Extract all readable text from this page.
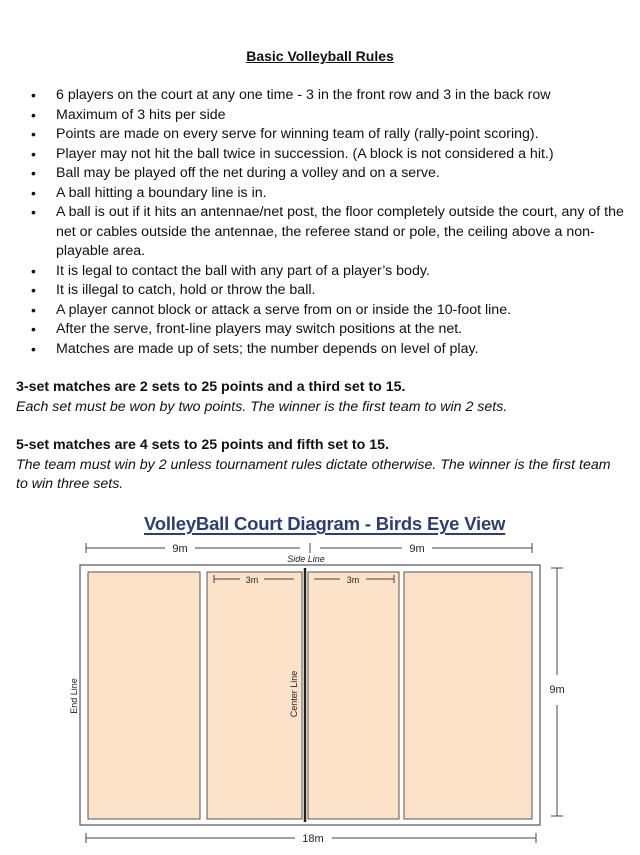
Basic Volleyball Rules
• 6 players on the court at any one time - 3 in the front row and 3 in the back row
• Maximum of 3 hits per side
• Points are made on every serve for winning team of rally (rally-point scoring).
• Player may not hit the ball twice in succession. (A block is not considered a hit.)
• Ball may be played off the net during a volley and on a serve.
• A ball hitting a boundary line is in.
• A ball is out if it hits an antennae/net post, the floor completely outside the court, any of the net or cables outside the antennae, the referee stand or pole, the ceiling above a non-playable area.
• It is legal to contact the ball with any part of a player’s body.
• It is illegal to catch, hold or throw the ball.
• A player cannot block or attack a serve from on or inside the 10-foot line.
• After the serve, front-line players may switch positions at the net.
• Matches are made up of sets; the number depends on level of play.
3-set matches are 2 sets to 25 points and a third set to 15.
Each set must be won by two points. The winner is the first team to win 2 sets.
5-set matches are 4 sets to 25 points and fifth set to 15.
The team must win by 2 unless tournament rules dictate otherwise. The winner is the first team to win three sets.
VolleyBall Court Diagram - Birds Eye View
9m	9m
Side Line
3m	3m
18m
9m
End Line	Center Line
